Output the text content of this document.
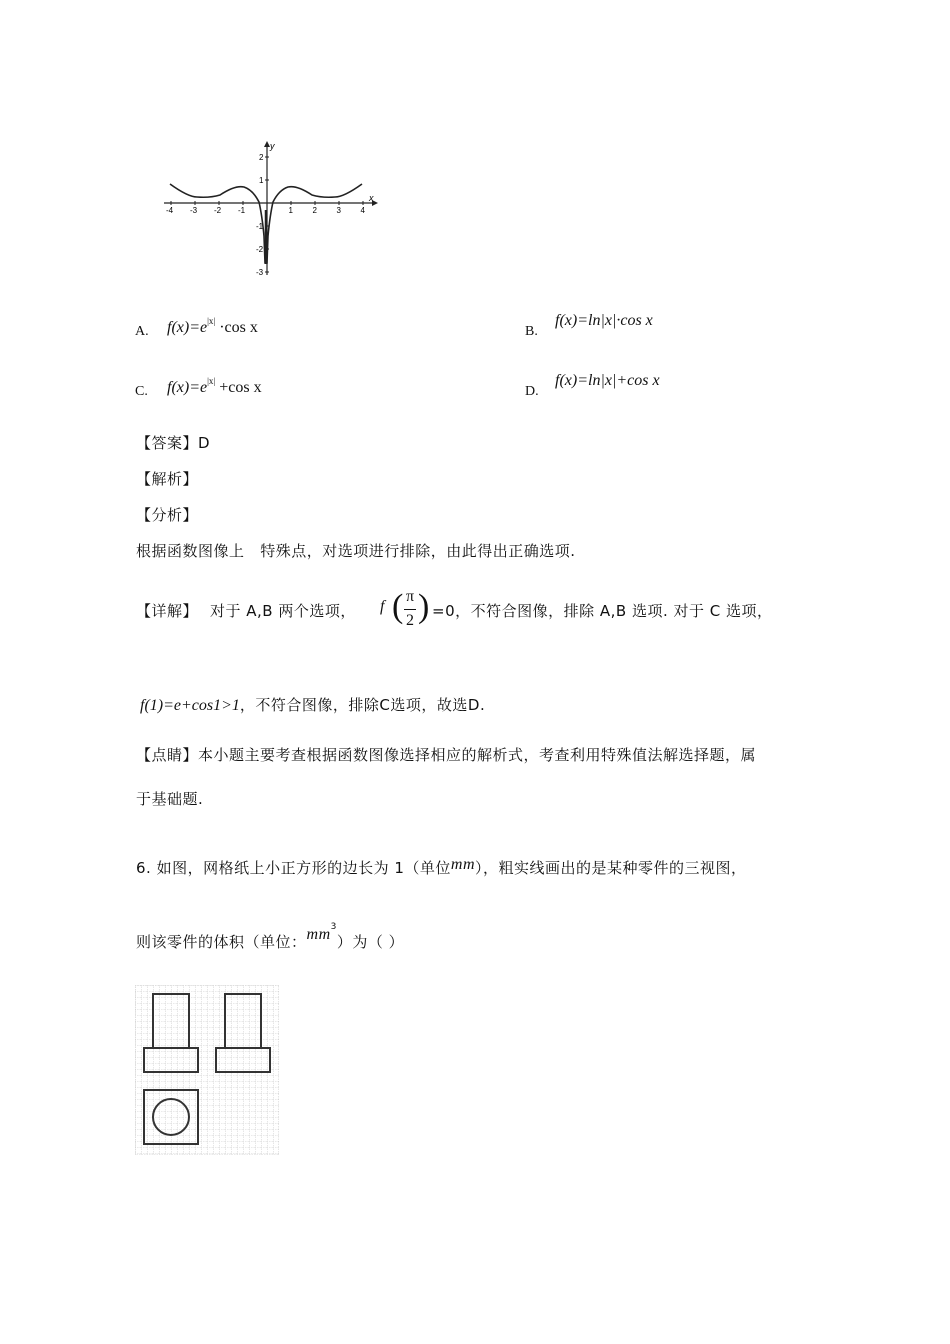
x
y
-4 -3 -2 -1	1 2 3 4
2
1
-1
-2
-3
A. $f(x)=e^{|x|} \cdot\cos$ x	B.
f(x)=ln|x|·cos x
C. $f(x)=e^{|x|} +\cos$ x	D.
f(x)=ln|x|+cos x
【答案】D
【解析】
【分析】
根据函数图像上   特殊点，对选项进行排除，由此得出正确选项.
【详解】 对于 A,B 两个选项， f ( π
2 ) =0，不符合图像，排除 A,B 选项. 对于 C 选项，
f(1)=e+cos1>1，不符合图像，排除C选项，故选D.
【点睛】本小题主要考查根据函数图像选择相应的解析式，考查利用特殊值法解选择题，属
于基础题.
6. 如图，网格纸上小正方形的边长为 1（单位mm），粗实线画出的是某种零件的三视图，
则该零件的体积（单位：$mm^3$）为（ ）
